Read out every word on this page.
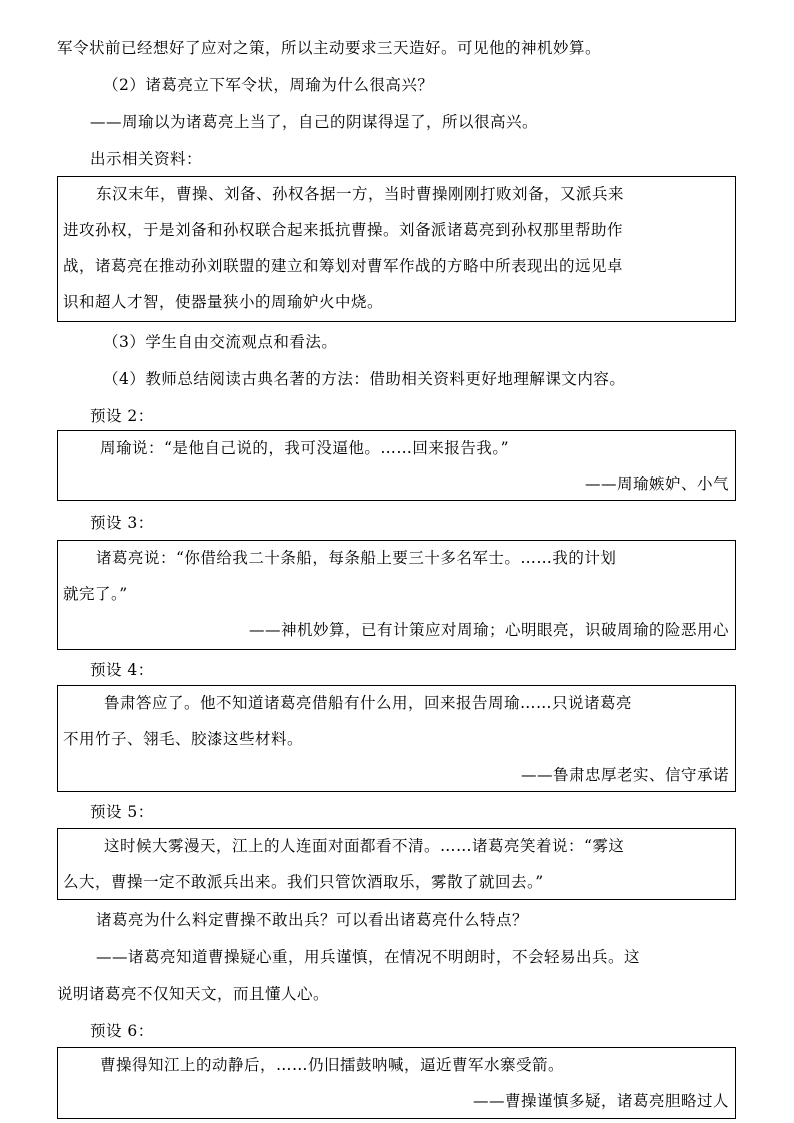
军令状前已经想好了应对之策，所以主动要求三天造好。可见他的神机妙算。
（2）诸葛亮立下军令状，周瑜为什么很高兴？
——周瑜以为诸葛亮上当了，自己的阴谋得逞了，所以很高兴。
出示相关资料：
东汉末年，曹操、刘备、孙权各据一方，当时曹操刚刚打败刘备，又派兵来
进攻孙权，于是刘备和孙权联合起来抵抗曹操。刘备派诸葛亮到孙权那里帮助作
战，诸葛亮在推动孙刘联盟的建立和筹划对曹军作战的方略中所表现出的远见卓
识和超人才智，使器量狭小的周瑜妒火中烧。
（3）学生自由交流观点和看法。
（4）教师总结阅读古典名著的方法：借助相关资料更好地理解课文内容。
预设 2：
周瑜说：“是他自己说的，我可没逼他。……回来报告我。”
——周瑜嫉妒、小气
预设 3：
诸葛亮说：“你借给我二十条船，每条船上要三十多名军士。……我的计划
就完了。”
——神机妙算，已有计策应对周瑜；心明眼亮，识破周瑜的险恶用心
预设 4：
鲁肃答应了。他不知道诸葛亮借船有什么用，回来报告周瑜……只说诸葛亮
不用竹子、翎毛、胶漆这些材料。
——鲁肃忠厚老实、信守承诺
预设 5：
这时候大雾漫天，江上的人连面对面都看不清。……诸葛亮笑着说：“雾这
么大，曹操一定不敢派兵出来。我们只管饮酒取乐，雾散了就回去。”
诸葛亮为什么料定曹操不敢出兵？可以看出诸葛亮什么特点？
——诸葛亮知道曹操疑心重，用兵谨慎，在情况不明朗时，不会轻易出兵。这
说明诸葛亮不仅知天文，而且懂人心。
预设 6：
曹操得知江上的动静后，……仍旧擂鼓呐喊，逼近曹军水寨受箭。
——曹操谨慎多疑，诸葛亮胆略过人
